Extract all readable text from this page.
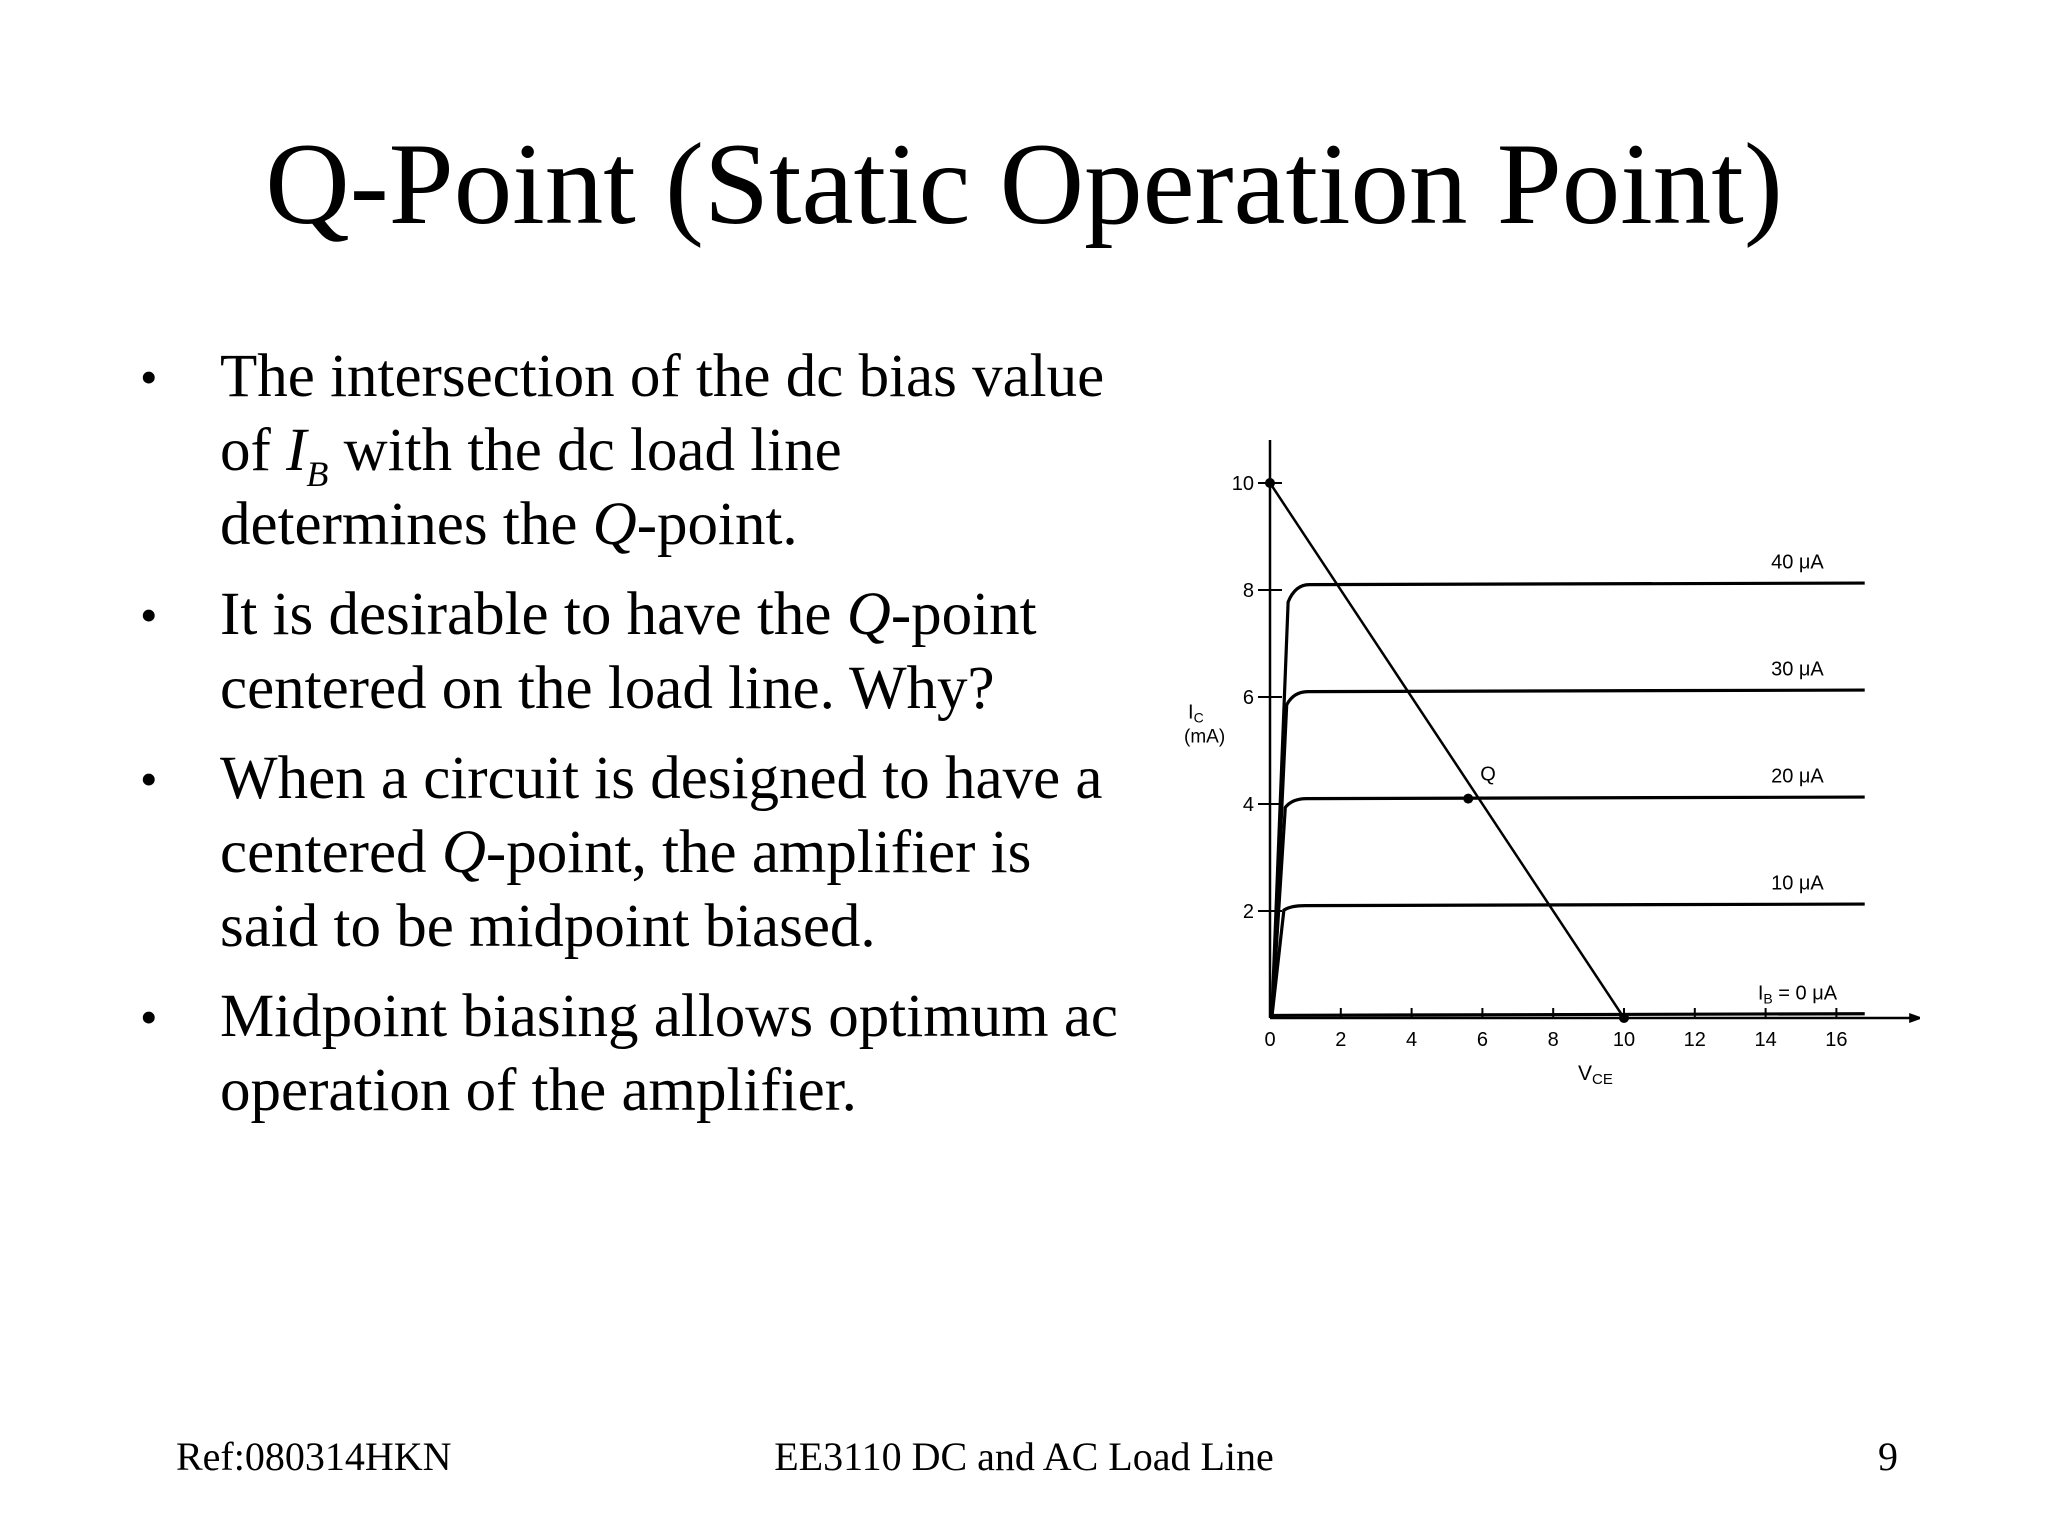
Q-Point (Static Operation Point)
• The intersection of the dc bias value of $I_B$ with the dc load line determines the Q-point.
• It is desirable to have the Q-point centered on the load line. Why?
• When a circuit is designed to have a centered Q-point, the amplifier is said to be midpoint biased.
• Midpoint biasing allows optimum ac operation of the amplifier.
0	2	4	6	8	10 12 14 16
2
4
6
8
10
$I_C$
(mA)
VCE
40 μA
30 μA
20 μA
10 μA
$I_B = 0$ μA
Q
Ref:080314HKN	EE3110 DC and AC Load Line	9
